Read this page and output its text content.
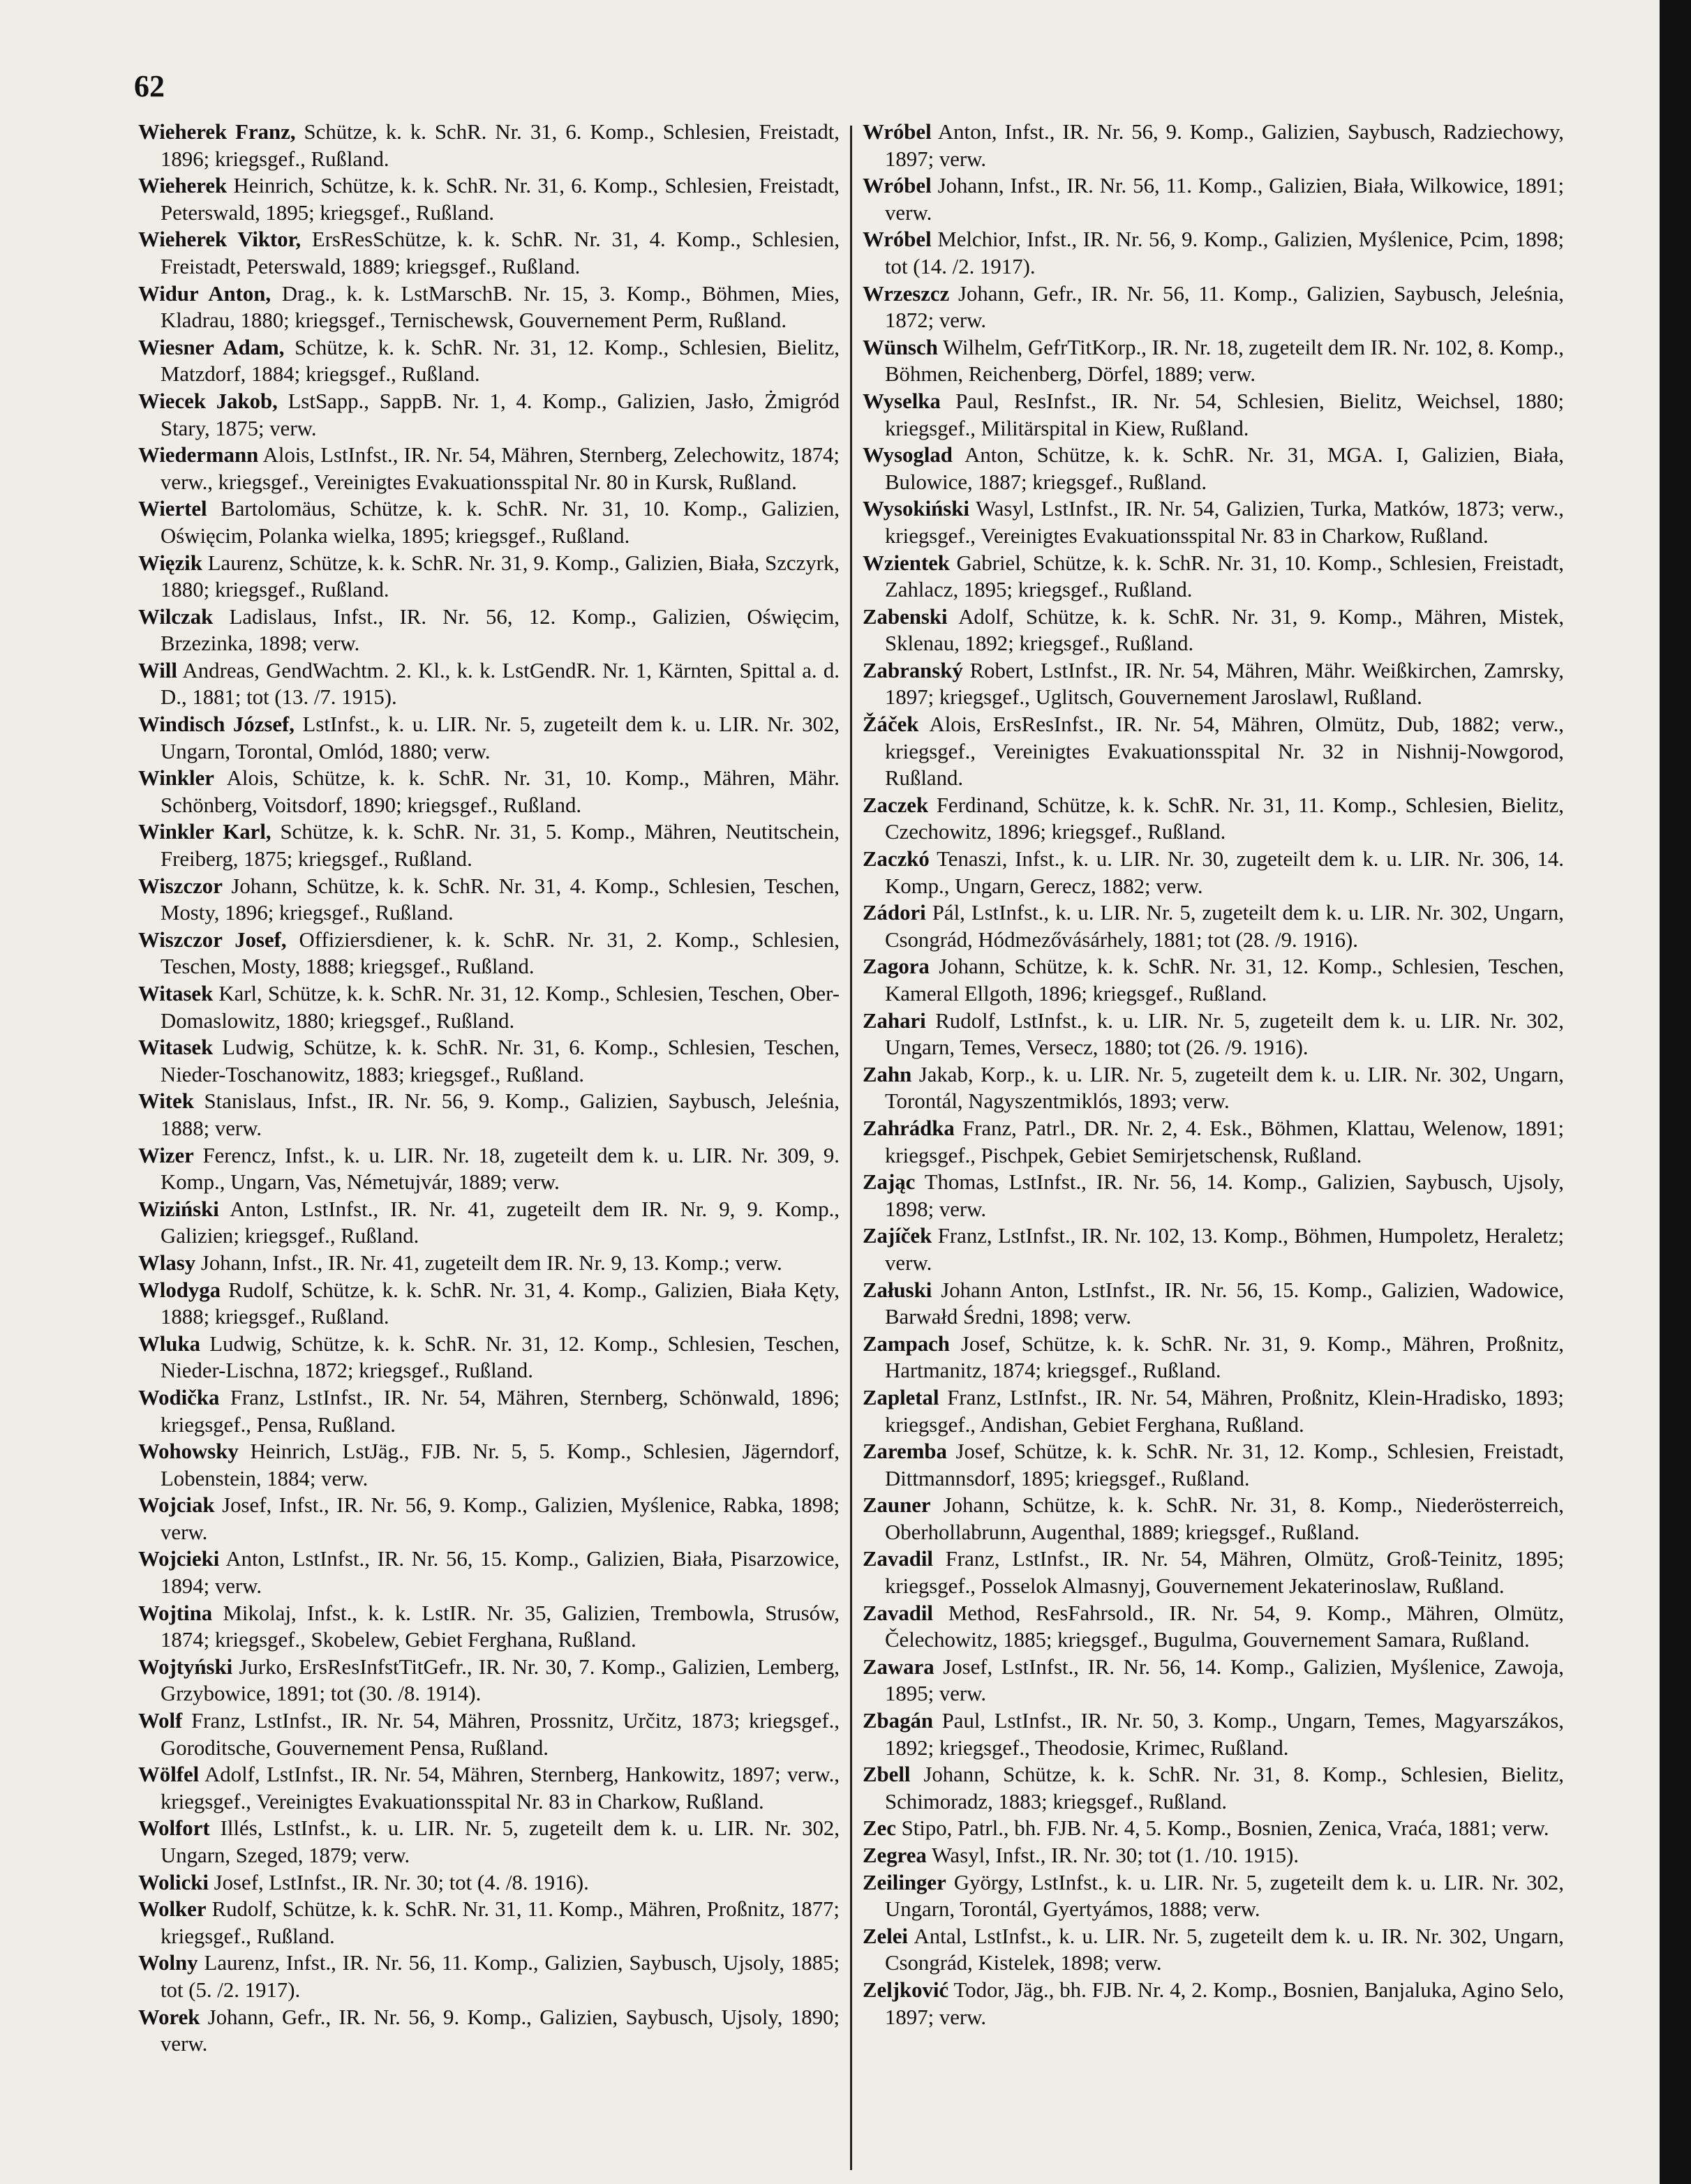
62

Wieherek Franz, Schütze, k. k. SchR. Nr. 31, 6. Komp., Schlesien, Freistadt, 1896; kriegsgef., Rußland.

Wieherek Heinrich, Schütze, k. k. SchR. Nr. 31, 6. Komp., Schlesien, Freistadt, Peterswald, 1895; kriegsgef., Rußland.

Wieherek Viktor, ErsResSchütze, k. k. SchR. Nr. 31, 4. Komp., Schlesien, Freistadt, Peterswald, 1889; kriegsgef., Rußland.

Widur Anton, Drag., k. k. LstMarschB. Nr. 15, 3. Komp., Böhmen, Mies, Kladrau, 1880; kriegsgef., Ternischewsk, Gouvernement Perm, Rußland.

Wiesner Adam, Schütze, k. k. SchR. Nr. 31, 12. Komp., Schlesien, Bielitz, Matzdorf, 1884; kriegsgef., Rußland.

Wiecek Jakob, LstSapp., SappB. Nr. 1, 4. Komp., Galizien, Jasło, Żmigród Stary, 1875; verw.

Wiedermann Alois, LstInfst., IR. Nr. 54, Mähren, Sternberg, Zelechowitz, 1874; verw., kriegsgef., Vereinigtes Evakuationsspital Nr. 80 in Kursk, Rußland.

Wiertel Bartolomäus, Schütze, k. k. SchR. Nr. 31, 10. Komp., Galizien, Oświęcim, Polanka wielka, 1895; kriegsgef., Rußland.

Więzik Laurenz, Schütze, k. k. SchR. Nr. 31, 9. Komp., Galizien, Biała, Szczyrk, 1880; kriegsgef., Rußland.

Wilczak Ladislaus, Infst., IR. Nr. 56, 12. Komp., Galizien, Oświęcim, Brzezinka, 1898; verw.

Will Andreas, GendWachtm. 2. Kl., k. k. LstGendR. Nr. 1, Kärnten, Spittal a. d. D., 1881; tot (13. /7. 1915).

Windisch József, LstInfst., k. u. LIR. Nr. 5, zugeteilt dem k. u. LIR. Nr. 302, Ungarn, Torontal, Omlód, 1880; verw.

Winkler Alois, Schütze, k. k. SchR. Nr. 31, 10. Komp., Mähren, Mähr. Schönberg, Voitsdorf, 1890; kriegsgef., Rußland.

Winkler Karl, Schütze, k. k. SchR. Nr. 31, 5. Komp., Mähren, Neutitschein, Freiberg, 1875; kriegsgef., Rußland.

Wiszczor Johann, Schütze, k. k. SchR. Nr. 31, 4. Komp., Schlesien, Teschen, Mosty, 1896; kriegsgef., Rußland.

Wiszczor Josef, Offiziersdiener, k. k. SchR. Nr. 31, 2. Komp., Schlesien, Teschen, Mosty, 1888; kriegsgef., Rußland.

Witasek Karl, Schütze, k. k. SchR. Nr. 31, 12. Komp., Schlesien, Teschen, Ober-Domaslowitz, 1880; kriegsgef., Rußland.

Witasek Ludwig, Schütze, k. k. SchR. Nr. 31, 6. Komp., Schlesien, Teschen, Nieder-Toschanowitz, 1883; kriegsgef., Rußland.

Witek Stanislaus, Infst., IR. Nr. 56, 9. Komp., Galizien, Saybusch, Jeleśnia, 1888; verw.

Wizer Ferencz, Infst., k. u. LIR. Nr. 18, zugeteilt dem k. u. LIR. Nr. 309, 9. Komp., Ungarn, Vas, Németujvár, 1889; verw.

Wiziński Anton, LstInfst., IR. Nr. 41, zugeteilt dem IR. Nr. 9, 9. Komp., Galizien; kriegsgef., Rußland.

Wlasy Johann, Infst., IR. Nr. 41, zugeteilt dem IR. Nr. 9, 13. Komp.; verw.

Wlodyga Rudolf, Schütze, k. k. SchR. Nr. 31, 4. Komp., Galizien, Biała Kęty, 1888; kriegsgef., Rußland.

Wluka Ludwig, Schütze, k. k. SchR. Nr. 31, 12. Komp., Schlesien, Teschen, Nieder-Lischna, 1872; kriegsgef., Rußland.

Wodička Franz, LstInfst., IR. Nr. 54, Mähren, Sternberg, Schönwald, 1896; kriegsgef., Pensa, Rußland.

Wohowsky Heinrich, LstJäg., FJB. Nr. 5, 5. Komp., Schlesien, Jägerndorf, Lobenstein, 1884; verw.

Wojciak Josef, Infst., IR. Nr. 56, 9. Komp., Galizien, Myślenice, Rabka, 1898; verw.

Wojcieki Anton, LstInfst., IR. Nr. 56, 15. Komp., Galizien, Biała, Pisarzowice, 1894; verw.

Wojtina Mikolaj, Infst., k. k. LstIR. Nr. 35, Galizien, Trembowla, Strusów, 1874; kriegsgef., Skobelew, Gebiet Ferghana, Rußland.

Wojtyński Jurko, ErsResInfstTitGefr., IR. Nr. 30, 7. Komp., Galizien, Lemberg, Grzybowice, 1891; tot (30. /8. 1914).

Wolf Franz, LstInfst., IR. Nr. 54, Mähren, Prossnitz, Určitz, 1873; kriegsgef., Goroditsche, Gouvernement Pensa, Rußland.

Wölfel Adolf, LstInfst., IR. Nr. 54, Mähren, Sternberg, Hankowitz, 1897; verw., kriegsgef., Vereinigtes Evakuationsspital Nr. 83 in Charkow, Rußland.

Wolfort Illés, LstInfst., k. u. LIR. Nr. 5, zugeteilt dem k. u. LIR. Nr. 302, Ungarn, Szeged, 1879; verw.

Wolicki Josef, LstInfst., IR. Nr. 30; tot (4. /8. 1916).

Wolker Rudolf, Schütze, k. k. SchR. Nr. 31, 11. Komp., Mähren, Proßnitz, 1877; kriegsgef., Rußland.

Wolny Laurenz, Infst., IR. Nr. 56, 11. Komp., Galizien, Saybusch, Ujsoly, 1885; tot (5. /2. 1917).

Worek Johann, Gefr., IR. Nr. 56, 9. Komp., Galizien, Saybusch, Ujsoly, 1890; verw.

Wróbel Anton, Infst., IR. Nr. 56, 9. Komp., Galizien, Saybusch, Radziechowy, 1897; verw.

Wróbel Johann, Infst., IR. Nr. 56, 11. Komp., Galizien, Biała, Wilkowice, 1891; verw.

Wróbel Melchior, Infst., IR. Nr. 56, 9. Komp., Galizien, Myślenice, Pcim, 1898; tot (14. /2. 1917).

Wrzeszcz Johann, Gefr., IR. Nr. 56, 11. Komp., Galizien, Saybusch, Jeleśnia, 1872; verw.

Wünsch Wilhelm, GefrTitKorp., IR. Nr. 18, zugeteilt dem IR. Nr. 102, 8. Komp., Böhmen, Reichenberg, Dörfel, 1889; verw.

Wyselka Paul, ResInfst., IR. Nr. 54, Schlesien, Bielitz, Weichsel, 1880; kriegsgef., Militärspital in Kiew, Rußland.

Wysoglad Anton, Schütze, k. k. SchR. Nr. 31, MGA. I, Galizien, Biała, Bulowice, 1887; kriegsgef., Rußland.

Wysokiński Wasyl, LstInfst., IR. Nr. 54, Galizien, Turka, Matków, 1873; verw., kriegsgef., Vereinigtes Evakuationsspital Nr. 83 in Charkow, Rußland.

Wzientek Gabriel, Schütze, k. k. SchR. Nr. 31, 10. Komp., Schlesien, Freistadt, Zahlacz, 1895; kriegsgef., Rußland.

Zabenski Adolf, Schütze, k. k. SchR. Nr. 31, 9. Komp., Mähren, Mistek, Sklenau, 1892; kriegsgef., Rußland.

Zabranský Robert, LstInfst., IR. Nr. 54, Mähren, Mähr. Weißkirchen, Zamrsky, 1897; kriegsgef., Uglitsch, Gouvernement Jaroslawl, Rußland.

Žáček Alois, ErsResInfst., IR. Nr. 54, Mähren, Olmütz, Dub, 1882; verw., kriegsgef., Vereinigtes Evakuationsspital Nr. 32 in Nishnij-Nowgorod, Rußland.

Zaczek Ferdinand, Schütze, k. k. SchR. Nr. 31, 11. Komp., Schlesien, Bielitz, Czechowitz, 1896; kriegsgef., Rußland.

Zaczkó Tenaszi, Infst., k. u. LIR. Nr. 30, zugeteilt dem k. u. LIR. Nr. 306, 14. Komp., Ungarn, Gerecz, 1882; verw.

Zádori Pál, LstInfst., k. u. LIR. Nr. 5, zugeteilt dem k. u. LIR. Nr. 302, Ungarn, Csongrád, Hódmezővásárhely, 1881; tot (28. /9. 1916).

Zagora Johann, Schütze, k. k. SchR. Nr. 31, 12. Komp., Schlesien, Teschen, Kameral Ellgoth, 1896; kriegsgef., Rußland.

Zahari Rudolf, LstInfst., k. u. LIR. Nr. 5, zugeteilt dem k. u. LIR. Nr. 302, Ungarn, Temes, Versecz, 1880; tot (26. /9. 1916).

Zahn Jakab, Korp., k. u. LIR. Nr. 5, zugeteilt dem k. u. LIR. Nr. 302, Ungarn, Torontál, Nagyszentmiklós, 1893; verw.

Zahrádka Franz, Patrl., DR. Nr. 2, 4. Esk., Böhmen, Klattau, Welenow, 1891; kriegsgef., Pischpek, Gebiet Semirjetschensk, Rußland.

Zając Thomas, LstInfst., IR. Nr. 56, 14. Komp., Galizien, Saybusch, Ujsoly, 1898; verw.

Zajíček Franz, LstInfst., IR. Nr. 102, 13. Komp., Böhmen, Humpoletz, Heraletz; verw.

Załuski Johann Anton, LstInfst., IR. Nr. 56, 15. Komp., Galizien, Wadowice, Barwałd Średni, 1898; verw.

Zampach Josef, Schütze, k. k. SchR. Nr. 31, 9. Komp., Mähren, Proßnitz, Hartmanitz, 1874; kriegsgef., Rußland.

Zapletal Franz, LstInfst., IR. Nr. 54, Mähren, Proßnitz, Klein-Hradisko, 1893; kriegsgef., Andishan, Gebiet Ferghana, Rußland.

Zaremba Josef, Schütze, k. k. SchR. Nr. 31, 12. Komp., Schlesien, Freistadt, Dittmannsdorf, 1895; kriegsgef., Rußland.

Zauner Johann, Schütze, k. k. SchR. Nr. 31, 8. Komp., Niederösterreich, Oberhollabrunn, Augenthal, 1889; kriegsgef., Rußland.

Zavadil Franz, LstInfst., IR. Nr. 54, Mähren, Olmütz, Groß-Teinitz, 1895; kriegsgef., Posselok Almasnyj, Gouvernement Jekaterinoslaw, Rußland.

Zavadil Method, ResFahrsold., IR. Nr. 54, 9. Komp., Mähren, Olmütz, Čelechowitz, 1885; kriegsgef., Bugulma, Gouvernement Samara, Rußland.

Zawara Josef, LstInfst., IR. Nr. 56, 14. Komp., Galizien, Myślenice, Zawoja, 1895; verw.

Zbagán Paul, LstInfst., IR. Nr. 50, 3. Komp., Ungarn, Temes, Magyarszákos, 1892; kriegsgef., Theodosie, Krimec, Rußland.

Zbell Johann, Schütze, k. k. SchR. Nr. 31, 8. Komp., Schlesien, Bielitz, Schimoradz, 1883; kriegsgef., Rußland.

Zec Stipo, Patrl., bh. FJB. Nr. 4, 5. Komp., Bosnien, Zenica, Vraća, 1881; verw.

Zegrea Wasyl, Infst., IR. Nr. 30; tot (1. /10. 1915).

Zeilinger György, LstInfst., k. u. LIR. Nr. 5, zugeteilt dem k. u. LIR. Nr. 302, Ungarn, Torontál, Gyertyámos, 1888; verw.

Zelei Antal, LstInfst., k. u. LIR. Nr. 5, zugeteilt dem k. u. IR. Nr. 302, Ungarn, Csongrád, Kistelek, 1898; verw.

Zeljković Todor, Jäg., bh. FJB. Nr. 4, 2. Komp., Bosnien, Banjaluka, Agino Selo, 1897; verw.
